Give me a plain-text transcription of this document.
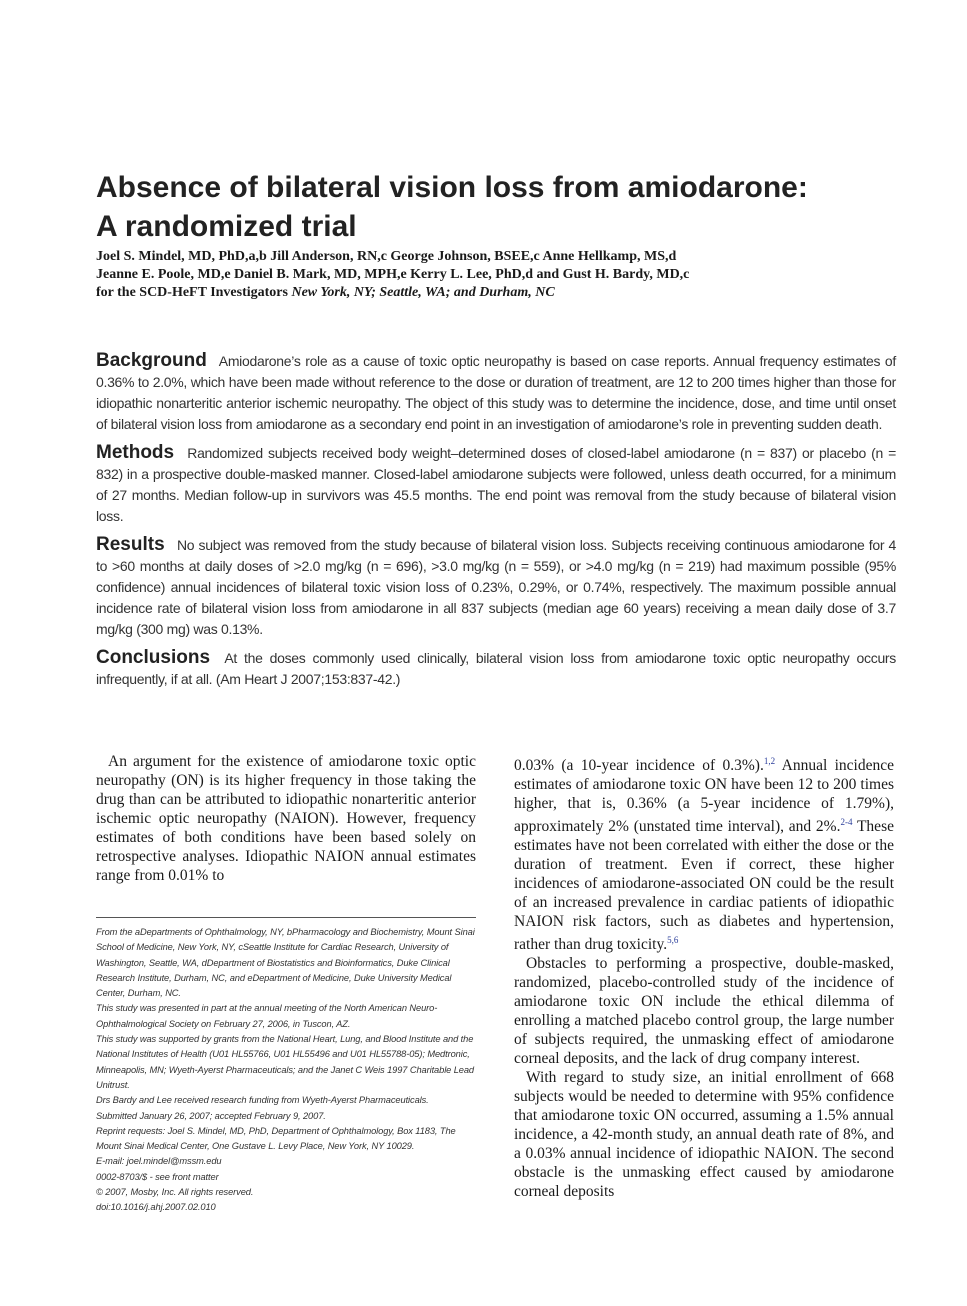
Absence of bilateral vision loss from amiodarone:
A randomized trial
Joel S. Mindel, MD, PhD,a,b Jill Anderson, RN,c George Johnson, BSEE,c Anne Hellkamp, MS,d
Jeanne E. Poole, MD,e Daniel B. Mark, MD, MPH,e Kerry L. Lee, PhD,d and Gust H. Bardy, MD,c
for the SCD-HeFT Investigators New York, NY; Seattle, WA; and Durham, NC

Background Amiodarone’s role as a cause of toxic optic neuropathy is based on case reports. Annual frequency estimates of 0.36% to 2.0%, which have been made without reference to the dose or duration of treatment, are 12 to 200 times higher than those for idiopathic nonarteritic anterior ischemic neuropathy. The object of this study was to determine the incidence, dose, and time until onset of bilateral vision loss from amiodarone as a secondary end point in an investigation of amiodarone’s role in preventing sudden death.

Methods Randomized subjects received body weight–determined doses of closed-label amiodarone (n = 837) or placebo (n = 832) in a prospective double-masked manner. Closed-label amiodarone subjects were followed, unless death occurred, for a minimum of 27 months. Median follow-up in survivors was 45.5 months. The end point was removal from the study because of bilateral vision loss.

Results No subject was removed from the study because of bilateral vision loss. Subjects receiving continuous amiodarone for 4 to >60 months at daily doses of >2.0 mg/kg (n = 696), >3.0 mg/kg (n = 559), or >4.0 mg/kg (n = 219) had maximum possible (95% confidence) annual incidences of bilateral toxic vision loss of 0.23%, 0.29%, or 0.74%, respectively. The maximum possible annual incidence rate of bilateral vision loss from amiodarone in all 837 subjects (median age 60 years) receiving a mean daily dose of 3.7 mg/kg (300 mg) was 0.13%.

Conclusions At the doses commonly used clinically, bilateral vision loss from amiodarone toxic optic neuropathy occurs infrequently, if at all. (Am Heart J 2007;153:837-42.)

An argument for the existence of amiodarone toxic optic neuropathy (ON) is its higher frequency in those taking the drug than can be attributed to idiopathic nonarteritic anterior ischemic optic neuropathy (NAION). However, frequency estimates of both conditions have been based solely on retrospective analyses. Idiopathic NAION annual estimates range from 0.01% to

From the aDepartments of Ophthalmology, NY, bPharmacology and Biochemistry, Mount Sinai School of Medicine, New York, NY, cSeattle Institute for Cardiac Research, University of Washington, Seattle, WA, dDepartment of Biostatistics and Bioinformatics, Duke Clinical Research Institute, Durham, NC, and eDepartment of Medicine, Duke University Medical Center, Durham, NC.
This study was presented in part at the annual meeting of the North American Neuro-Ophthalmological Society on February 27, 2006, in Tuscon, AZ.
This study was supported by grants from the National Heart, Lung, and Blood Institute and the National Institutes of Health (U01 HL55766, U01 HL55496 and U01 HL55788-05); Medtronic, Minneapolis, MN; Wyeth-Ayerst Pharmaceuticals; and the Janet C Weis 1997 Charitable Lead Unitrust.
Drs Bardy and Lee received research funding from Wyeth-Ayerst Pharmaceuticals.
Submitted January 26, 2007; accepted February 9, 2007.
Reprint requests: Joel S. Mindel, MD, PhD, Department of Ophthalmology, Box 1183, The Mount Sinai Medical Center, One Gustave L. Levy Place, New York, NY 10029.
E-mail: joel.mindel@mssm.edu
0002-8703/$ - see front matter
© 2007, Mosby, Inc. All rights reserved.
doi:10.1016/j.ahj.2007.02.010

0.03% (a 10-year incidence of 0.3%).$^{1,2}$ Annual incidence estimates of amiodarone toxic ON have been 12 to 200 times higher, that is, 0.36% (a 5-year incidence of 1.79%), approximately 2% (unstated time interval), and 2%.$^{2-4}$ These estimates have not been correlated with either the dose or the duration of treatment. Even if correct, these higher incidences of amiodarone-associated ON could be the result of an increased prevalence in cardiac patients of idiopathic NAION risk factors, such as diabetes and hypertension, rather than drug toxicity.$^{5,6}$

Obstacles to performing a prospective, double-masked, randomized, placebo-controlled study of the incidence of amiodarone toxic ON include the ethical dilemma of enrolling a matched placebo control group, the large number of subjects required, the unmasking effect of amiodarone corneal deposits, and the lack of drug company interest.

With regard to study size, an initial enrollment of 668 subjects would be needed to determine with 95% confidence that amiodarone toxic ON occurred, assuming a 1.5% annual incidence, a 42-month study, an annual death rate of 8%, and a 0.03% annual incidence of idiopathic NAION. The second obstacle is the unmasking effect caused by amiodarone corneal deposits
